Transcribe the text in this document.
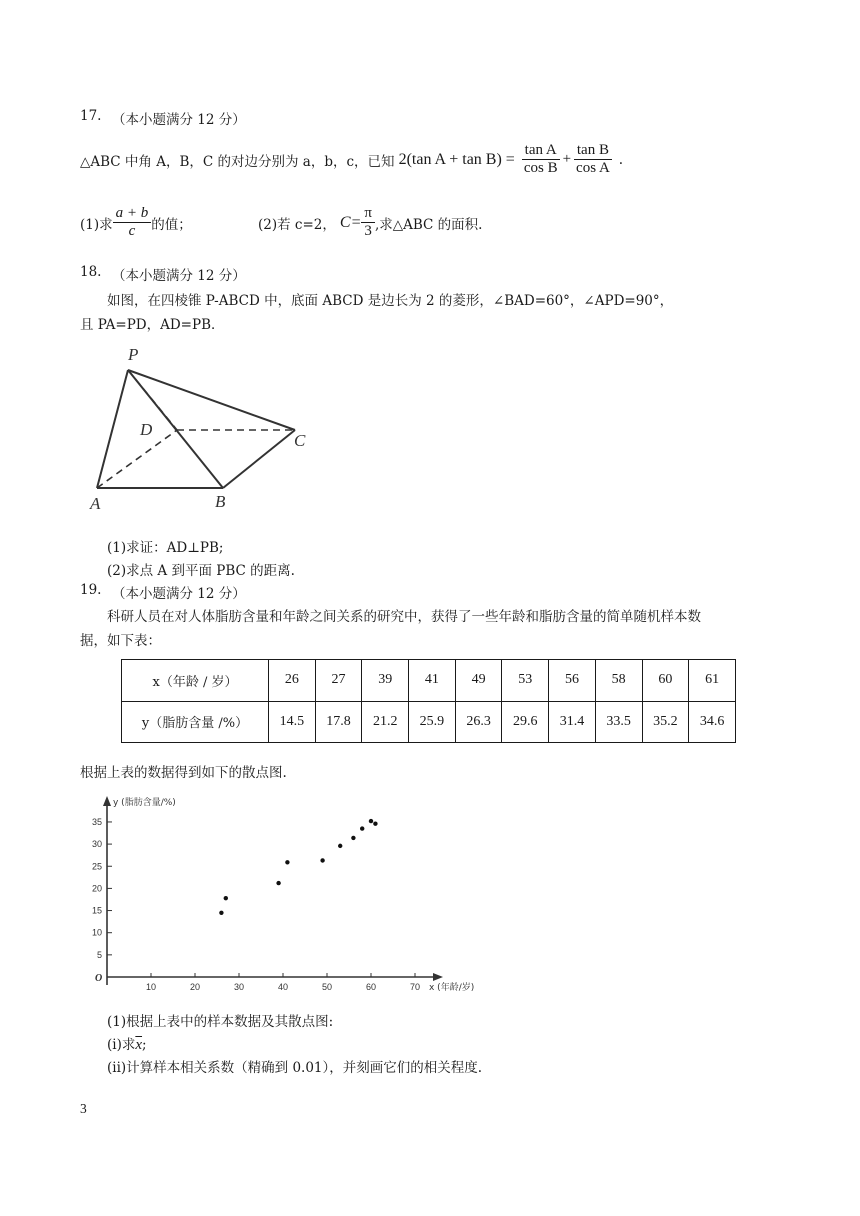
17. （本小题满分 12 分）
△ABC 中角 A，B，C 的对边分别为 a，b，c，已知 2(tan $A + \tan B) = \frac{\text{tan A}}{\text{cos B}} + \frac{\text{tan B}}{\text{cos A}}$ .
(1)求 $\frac{a + b}{c}$ 的值；	(2)若 c=2， $C= \frac{\pi}{3}$ ,求△ABC 的面积.
18. （本小题满分 12 分）
如图，在四棱锥 P-ABCD 中，底面 ABCD 是边长为 2 的菱形，∠BAD=60°，∠APD=90°，
且 PA=PD，AD=PB．
P
D
C
A	B
(1)求证：AD⊥PB;
(2)求点 A 到平面 PBC 的距离.
19. （本小题满分 12 分）
科研人员在对人体脂肪含量和年龄之间关系的研究中，获得了一些年龄和脂肪含量的简单随机样本数
据，如下表：
x（年龄 / 岁）	26	27	39	41	49	53	56	58	60	61
y（脂肪含量 /%）	14.5	17.8	21.2	25.9	26.3	29.6	31.4	33.5	35.2	34.6
根据上表的数据得到如下的散点图.
10	20	30	40	50	60	70
5
10
15
20
25
30
35
O
x (年龄/岁)
y (脂肪含量/%)
(1)根据上表中的样本数据及其散点图:
(i)求$\overline{x}$;
(ii)计算样本相关系数（精确到 0.01），并刻画它们的相关程度.
3
